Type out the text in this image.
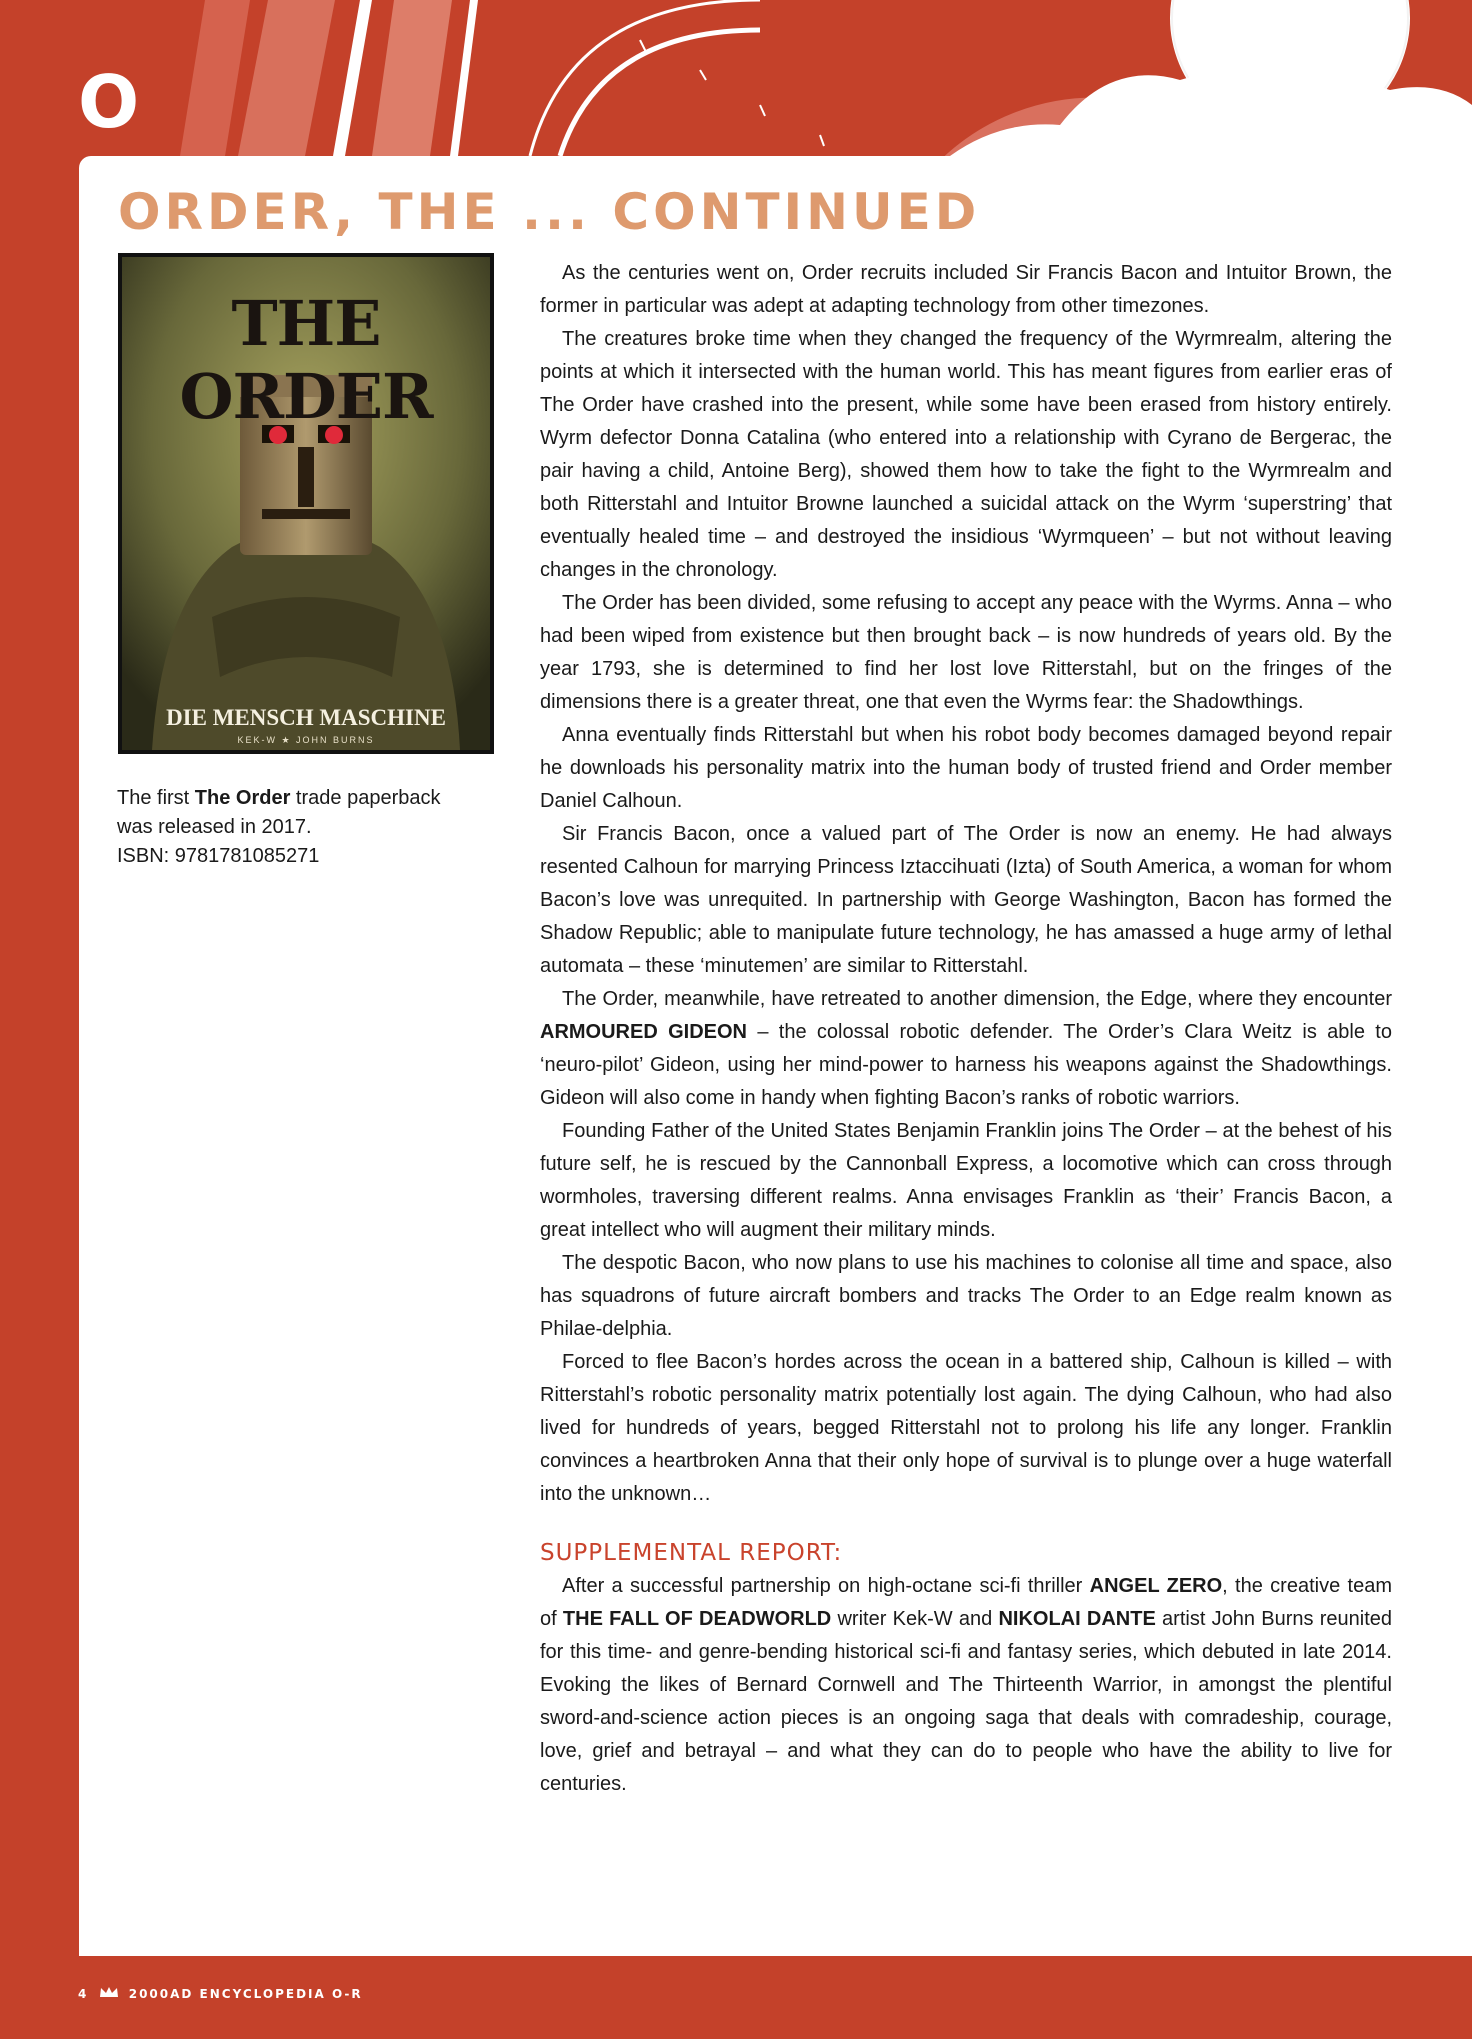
O
ORDER, THE ... CONTINUED
THE ORDER
DIE MENSCH MASCHINE
KEK-W ★ JOHN BURNS

The first The Order trade paperback

was released in 2017.

ISBN: 9781781085271

As the centuries went on, Order recruits included Sir Francis Bacon and Intuitor Brown, the former in particular was adept at adapting technology from other timezones.

The creatures broke time when they changed the frequency of the Wyrmrealm, altering the points at which it intersected with the human world. This has meant figures from earlier eras of The Order have crashed into the present, while some have been erased from history entirely. Wyrm defector Donna Catalina (who entered into a relationship with Cyrano de Bergerac, the pair having a child, Antoine Berg), showed them how to take the fight to the Wyrmrealm and both Ritterstahl and Intuitor Browne launched a suicidal attack on the Wyrm ‘superstring’ that eventually healed time – and destroyed the insidious ‘Wyrmqueen’ – but not without leaving changes in the chronology.

The Order has been divided, some refusing to accept any peace with the Wyrms. Anna – who had been wiped from existence but then brought back – is now hundreds of years old. By the year 1793, she is determined to find her lost love Ritterstahl, but on the fringes of the dimensions there is a greater threat, one that even the Wyrms fear: the Shadowthings.

Anna eventually finds Ritterstahl but when his robot body becomes damaged beyond repair he downloads his personality matrix into the human body of trusted friend and Order member Daniel Calhoun.

Sir Francis Bacon, once a valued part of The Order is now an enemy. He had always resented Calhoun for marrying Princess Iztaccihuati (Izta) of South America, a woman for whom Bacon’s love was unrequited. In partnership with George Washington, Bacon has formed the Shadow Republic; able to manipulate future technology, he has amassed a huge army of lethal automata – these ‘minutemen’ are similar to Ritterstahl.

The Order, meanwhile, have retreated to another dimension, the Edge, where they encounter ARMOURED GIDEON – the colossal robotic defender. The Order’s Clara Weitz is able to ‘neuro-pilot’ Gideon, using her mind-power to harness his weapons against the Shadowthings. Gideon will also come in handy when fighting Bacon’s ranks of robotic warriors.

Founding Father of the United States Benjamin Franklin joins The Order – at the behest of his future self, he is rescued by the Cannonball Express, a locomotive which can cross through wormholes, traversing different realms. Anna envisages Franklin as ‘their’ Francis Bacon, a great intellect who will augment their military minds.

The despotic Bacon, who now plans to use his machines to colonise all time and space, also has squadrons of future aircraft bombers and tracks The Order to an Edge realm known as Philae-delphia.

Forced to flee Bacon’s hordes across the ocean in a battered ship, Calhoun is killed – with Ritterstahl’s robotic personality matrix potentially lost again. The dying Calhoun, who had also lived for hundreds of years, begged Ritterstahl not to prolong his life any longer. Franklin convinces a heartbroken Anna that their only hope of survival is to plunge over a huge waterfall into the unknown…

SUPPLEMENTAL REPORT:

After a successful partnership on high-octane sci-fi thriller ANGEL ZERO, the creative team of THE FALL OF DEADWORLD writer Kek-W and NIKOLAI DANTE artist John Burns reunited for this time- and genre-bending historical sci-fi and fantasy series, which debuted in late 2014. Evoking the likes of Bernard Cornwell and The Thirteenth Warrior, in amongst the plentiful sword-and-science action pieces is an ongoing saga that deals with comradeship, courage, love, grief and betrayal – and what they can do to people who have the ability to live for centuries.

4	2000AD ENCYCLOPEDIA O-R
